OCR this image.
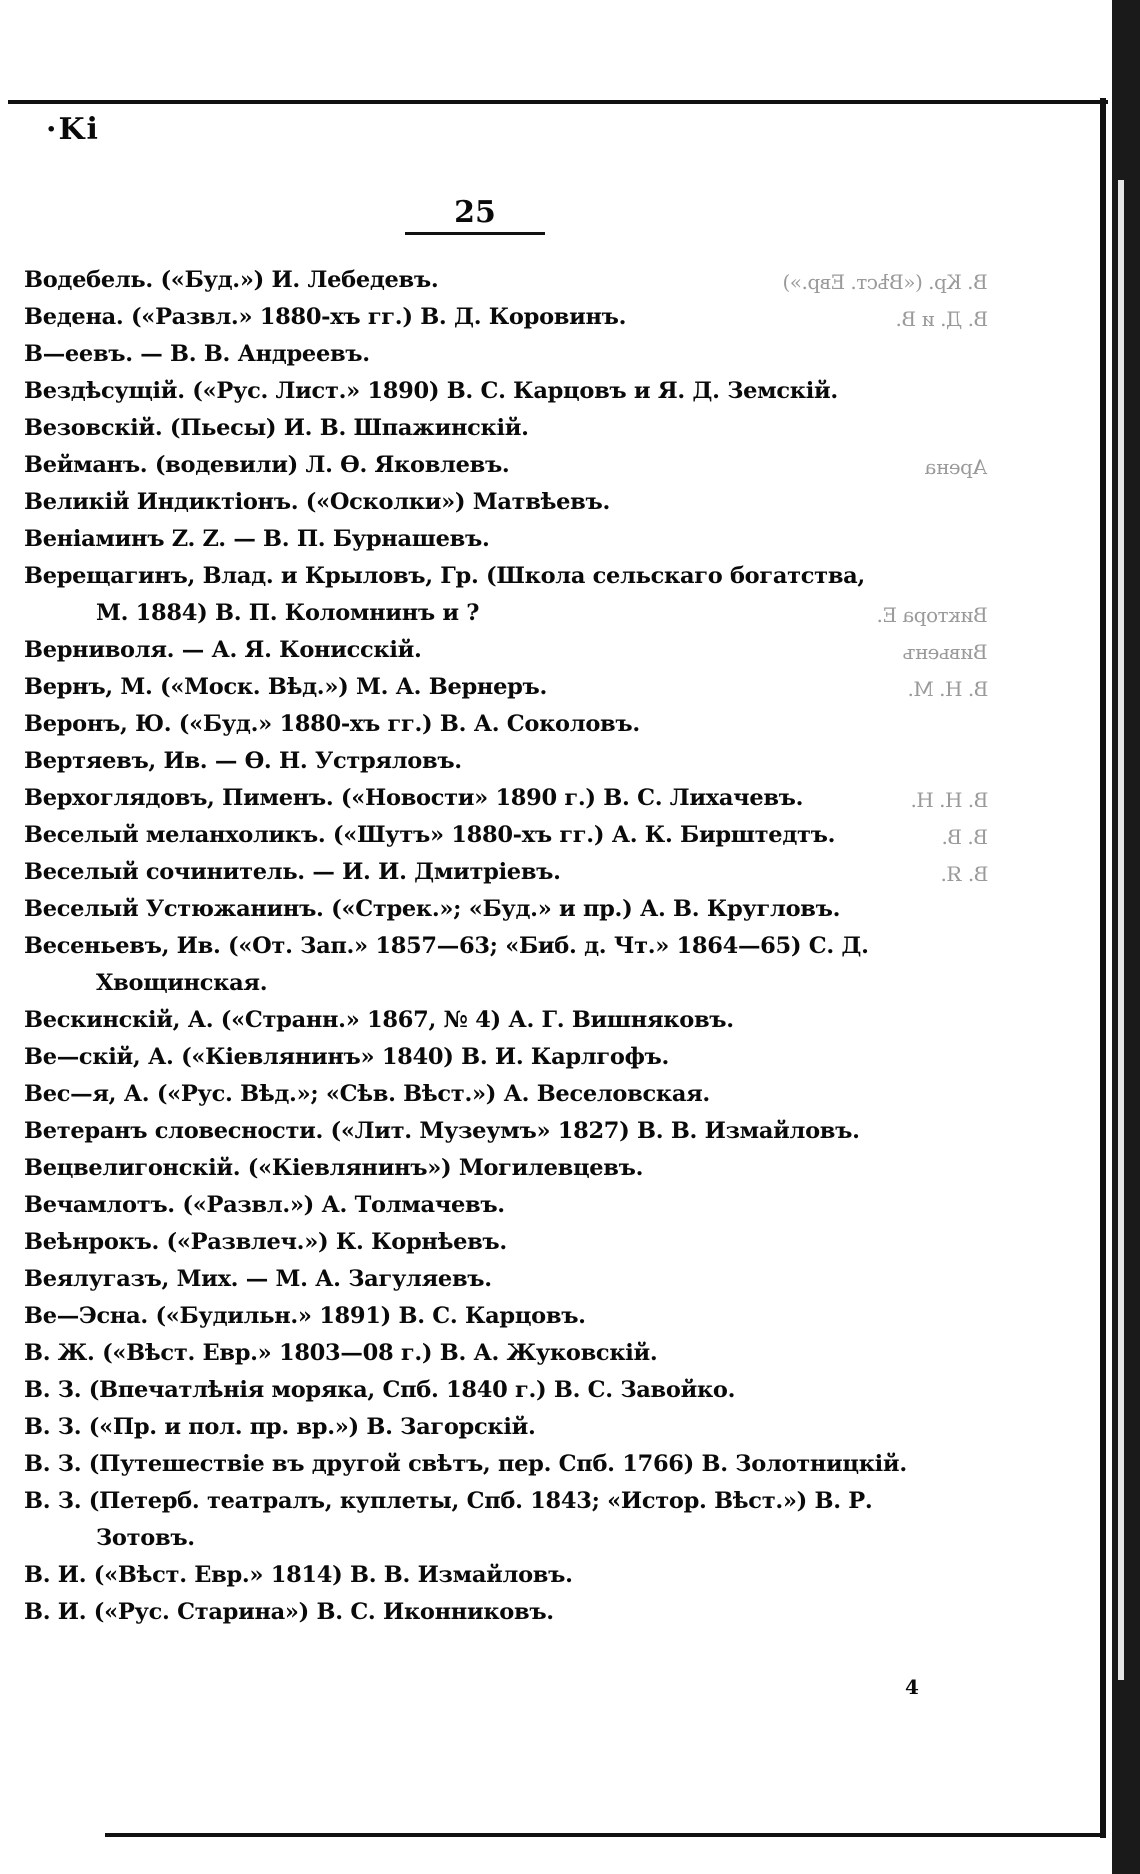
·Ki
25
Водебель. («Буд.») И. Лебедевъ.
Ведена. («Развл.» 1880-хъ гг.) В. Д. Коровинъ.
В—еевъ. — В. В. Андреевъ.
Вездѣсущій. («Рус. Лист.» 1890) В. С. Карцовъ и Я. Д. Земскій.
Везовскій. (Пьесы) И. В. Шпажинскій.
Вейманъ. (водевили) Л. Ѳ. Яковлевъ.
Великій Индиктіонъ. («Осколки») Матвѣевъ.
Веніаминъ Z. Z. — В. П. Бурнашевъ.
Верещагинъ, Влад. и Крыловъ, Гр. (Школа сельскаго богатства,
М. 1884) В. П. Коломнинъ и ?
Верниволя. — А. Я. Конисскій.
Вернъ, М. («Моск. Вѣд.») М. А. Вернеръ.
Веронъ, Ю. («Буд.» 1880-хъ гг.) В. А. Соколовъ.
Вертяевъ, Ив. — Ѳ. Н. Устряловъ.
Верхоглядовъ, Пименъ. («Новости» 1890 г.) В. С. Лихачевъ.
Веселый меланхоликъ. («Шутъ» 1880-хъ гг.) А. К. Бирштедтъ.
Веселый сочинитель. — И. И. Дмитріевъ.
Веселый Устюжанинъ. («Стрек.»; «Буд.» и пр.) А. В. Кругловъ.
Весеньевъ, Ив. («От. Зап.» 1857—63; «Биб. д. Чт.» 1864—65) С. Д.
Хвощинская.
Вескинскій, А. («Странн.» 1867, № 4) А. Г. Вишняковъ.
Ве—скій, А. («Кіевлянинъ» 1840) В. И. Карлгофъ.
Вес—я, А. («Рус. Вѣд.»; «Сѣв. Вѣст.») А. Веселовская.
Ветеранъ словесности. («Лит. Музеумъ» 1827) В. В. Измайловъ.
Вецвелигонскій. («Кіевлянинъ») Могилевцевъ.
Вечамлотъ. («Развл.») А. Толмачевъ.
Веѣнрокъ. («Развлеч.») К. Корнѣевъ.
Веялугазъ, Мих. — М. А. Загуляевъ.
Ве—Эсна. («Будильн.» 1891) В. С. Карцовъ.
В. Ж. («Вѣст. Евр.» 1803—08 г.) В. А. Жуковскій.
В. З. (Впечатлѣнія моряка, Спб. 1840 г.) В. С. Завойко.
В. З. («Пр. и пол. пр. вр.») В. Загорскій.
В. З. (Путешествіе въ другой свѣтъ, пер. Спб. 1766) В. Золотницкій.
В. З. (Петерб. театралъ, куплеты, Спб. 1843; «Истор. Вѣст.») В. Р.
Зотовъ.
В. И. («Вѣст. Евр.» 1814) В. В. Измайловъ.
В. И. («Рус. Старина») В. С. Иконниковъ.
В. Кр. («Вѣст. Евр.»)
В. Д. и В.
Арена
Виктора Е.
Вивьенъ
В. Н. М.
В. Н. Н.
В. В.
В. Я.
4
